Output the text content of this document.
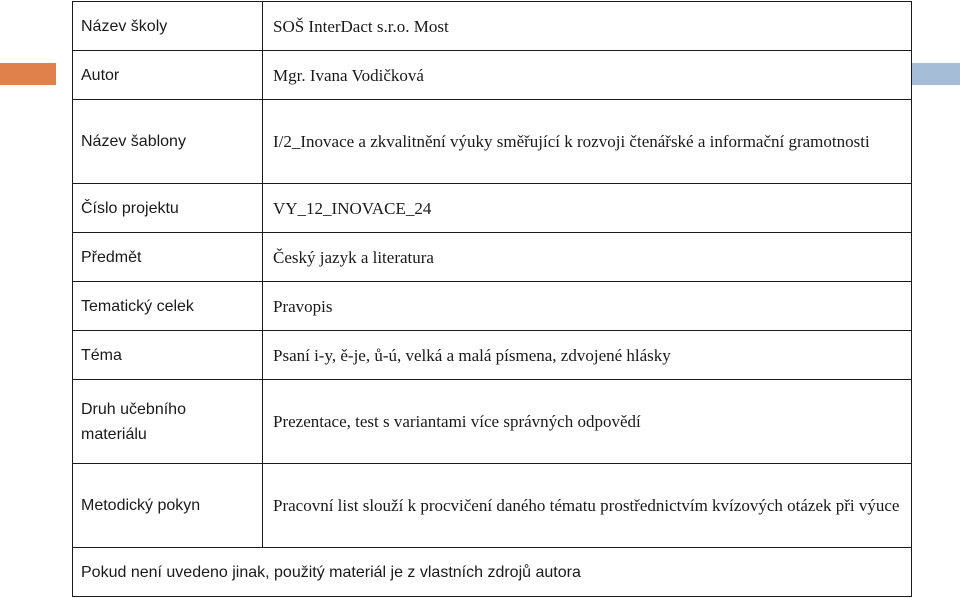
Název školy	SOŠ InterDact s.r.o. Most
Autor	Mgr. Ivana Vodičková
Název šablony	I/2_Inovace a zkvalitnění výuky směřující k rozvoji čtenářské a informační gramotnosti
Číslo projektu	VY_12_INOVACE_24
Předmět	Český jazyk a literatura
Tematický celek	Pravopis
Téma	Psaní i-y, ě-je, ů-ú, velká a malá písmena, zdvojené hlásky
Druh učebního materiálu	Prezentace, test s variantami více správných odpovědí
Metodický pokyn	Pracovní list slouží k procvičení daného tématu prostřednictvím kvízových otázek při výuce
Pokud není uvedeno jinak, použitý materiál je z vlastních zdrojů autora	
